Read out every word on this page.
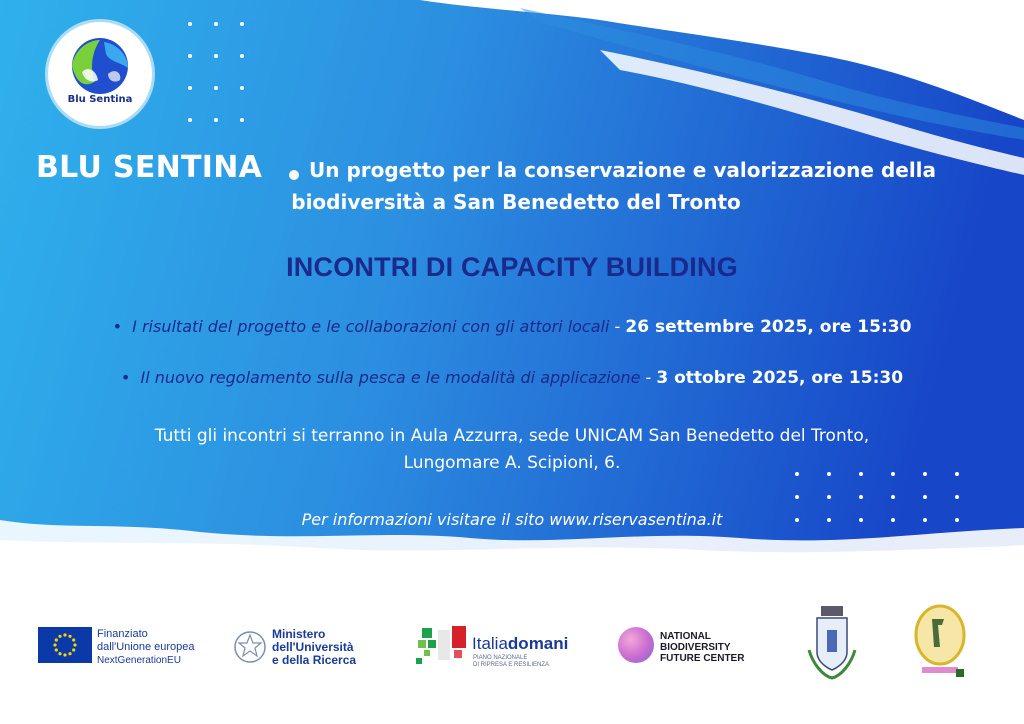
Blu Sentina
BLU SENTINA Un progetto per la conservazione e valorizzazione della
biodiversità a San Benedetto del Tronto
INCONTRI DI CAPACITY BUILDING
•  I risultati del progetto e le collaborazioni con gli attori locali - 26 settembre 2025, ore 15:30
•  Il nuovo regolamento sulla pesca e le modalità di applicazione - 3 ottobre 2025, ore 15:30
Tutti gli incontri si terranno in Aula Azzurra, sede UNICAM San Benedetto del Tronto,
Lungomare A. Scipioni, 6.
Per informazioni visitare il sito www.riservasentina.it
Finanziato
dall'Unione europea
NextGenerationEU
Ministero
dell'Università
e della Ricerca
Italiadomani
PIANO NAZIONALE
DI RIPRESA E RESILIENZA
NATIONAL
BIODIVERSITY
FUTURE CENTER
